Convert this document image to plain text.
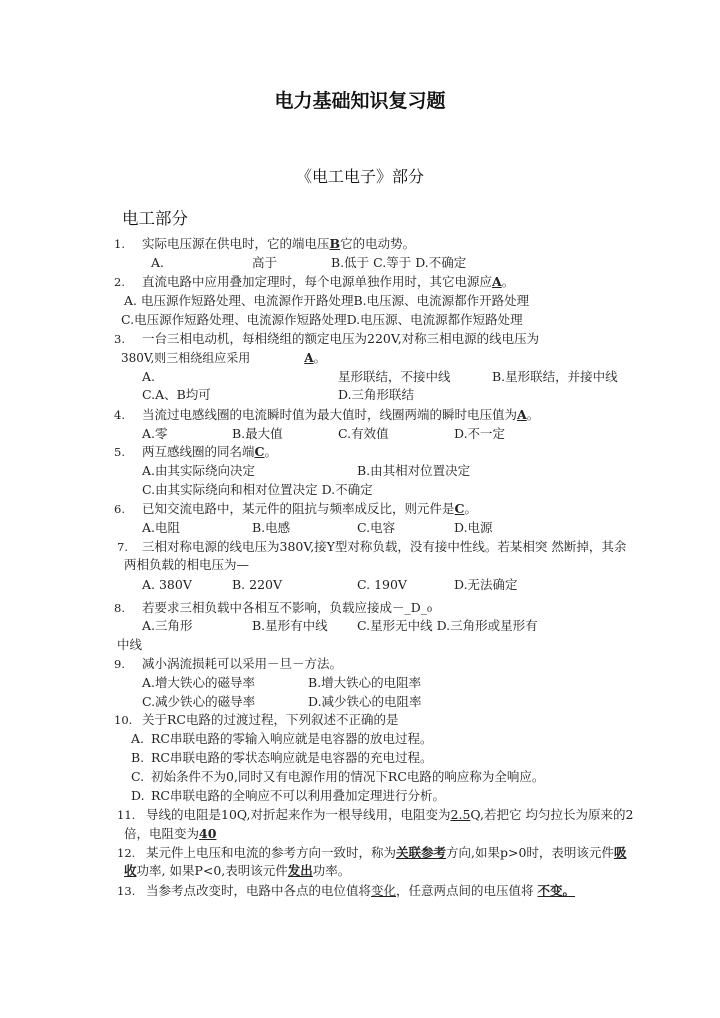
电力基础知识复习题
《电工电子》部分
电工部分
1. 实际电压源在供电时，它的端电压B它的电动势。
A.	高于	B.低于 C.等于 D.不确定
2. 直流电路中应用叠加定理时，每个电源单独作用时，其它电源应A。
A. 电压源作短路处理、电流源作开路处理B.电压源、电流源都作开路处理
C.电压源作短路处理、电流源作短路处理D.电压源、电流源都作短路处理
3. 一台三相电动机，每相绕组的额定电压为220V,对称三相电源的线电压为
380V,则三相绕组应采用	A。
A.	星形联结，不接中线	B.星形联结，并接中线
C.A、B均可	D.三角形联结
4. 当流过电感线圈的电流瞬时值为最大值时，线圈两端的瞬时电压值为A。
A.零	B.最大值	C.有效值	D.不一定
5. 两互感线圈的同名端C。
A.由其实际绕向决定	B.由其相对位置决定
C.由其实际绕向和相对位置决定 D.不确定
6. 已知交流电路中，某元件的阻抗与频率成反比，则元件是C。
A.电阻	B.电感	C.电容	D.电源
7. 三相对称电源的线电压为380V,接Y型对称负载，没有接中性线。若某相突 然断掉，其余
两相负载的相电压为—
A. 380V	B. 220V	C. 190V	D.无法确定
8. 若要求三相负载中各相互不影响，负载应接成－_D_₀
A.三角形	B.星形有中线 C.星形无中线 D.三角形或星形有
中线
9. 减小涡流损耗可以采用－旦－方法。
A.增大铁心的磁导率	B.增大铁心的电阻率
C.减少铁心的磁导率	D.减少铁心的电阻率
10. 关于RC电路的过渡过程，下列叙述不正确的是
A. RC串联电路的零输入响应就是电容器的放电过程。
B. RC串联电路的零状态响应就是电容器的充电过程。
C. 初始条件不为0,同时又有电源作用的情况下RC电路的响应称为全响应。
D. RC串联电路的全响应不可以利用叠加定理进行分析。
11. 导线的电阻是10Q,对折起来作为一根导线用，电阻变为2.5Q,若把它 均匀拉长为原来的2
倍，电阻变为40
12. 某元件上电压和电流的参考方向一致时，称为关联参考方向,如果p>0时，表明该元件吸
收功率, 如果P<0,表明该元件发出功率。
13. 当参考点改变时，电路中各点的电位值将变化，任意两点间的电压值将 不变。
